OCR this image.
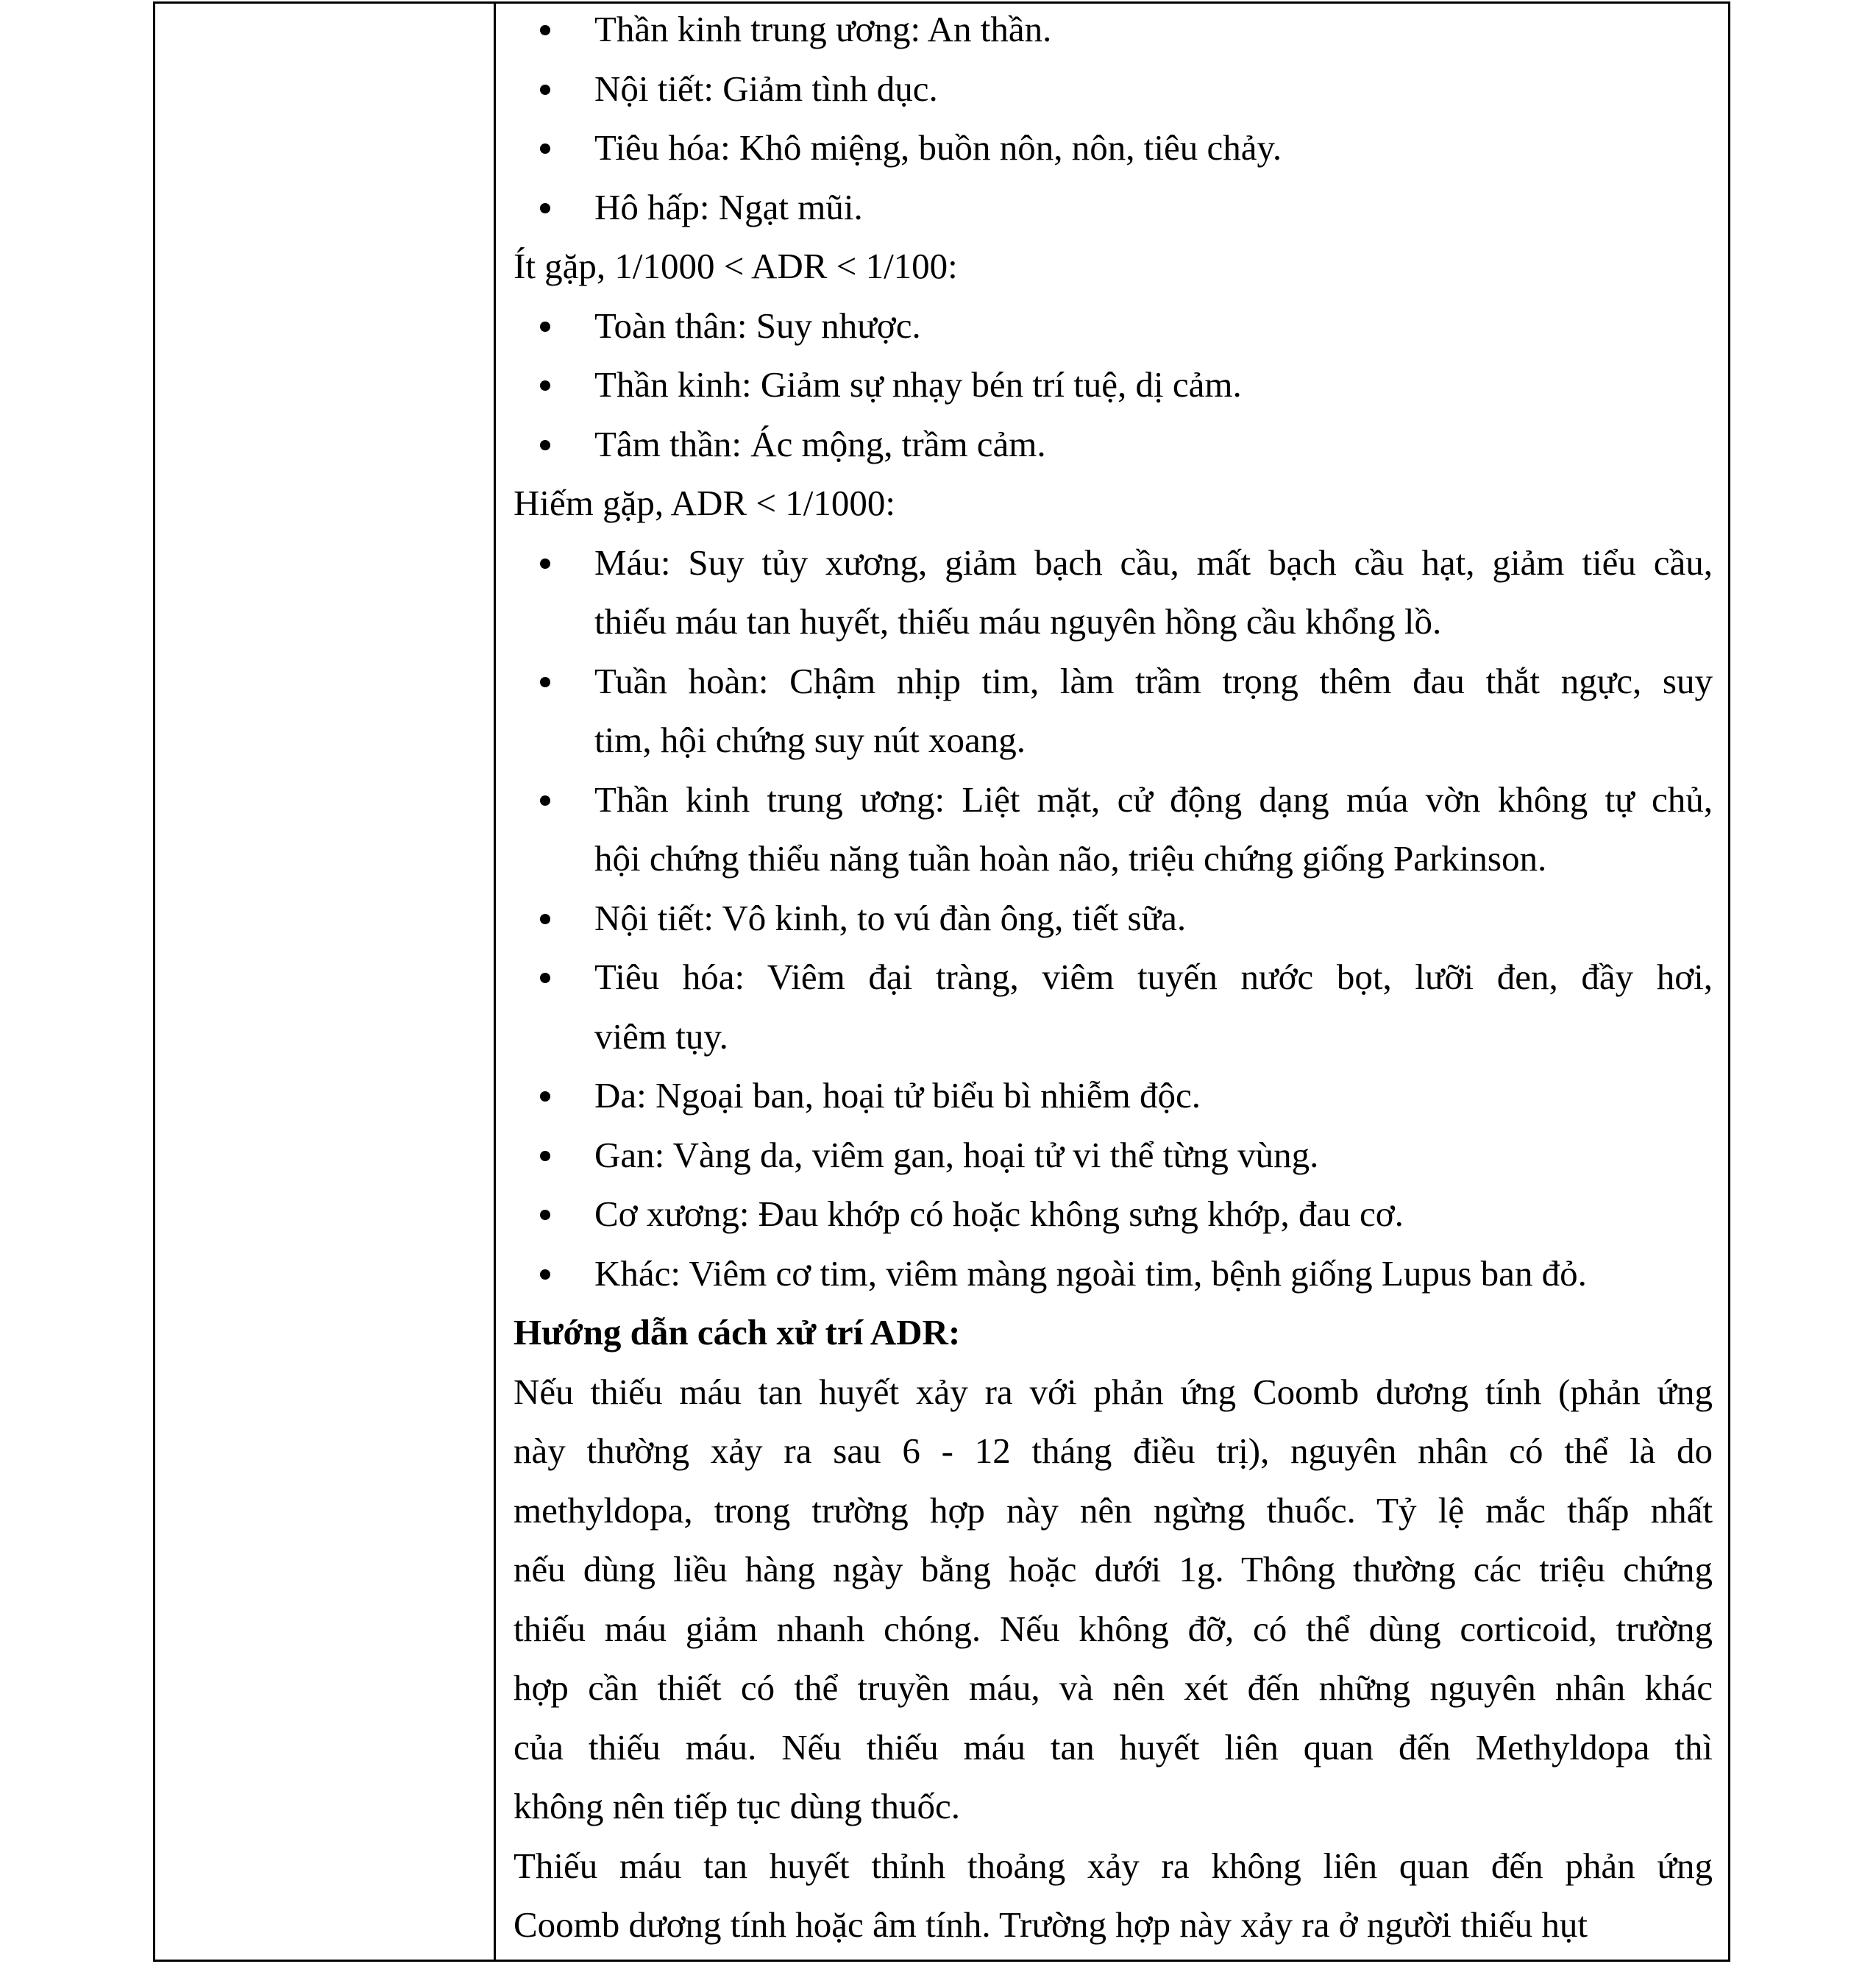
Thần kinh trung ương: An thần.
Nội tiết: Giảm tình dục.
Tiêu hóa: Khô miệng, buồn nôn, nôn, tiêu chảy.
Hô hấp: Ngạt mũi.
Ít gặp, 1/1000 < ADR < 1/100:
Toàn thân: Suy nhược.
Thần kinh: Giảm sự nhạy bén trí tuệ, dị cảm.
Tâm thần: Ác mộng, trầm cảm.
Hiếm gặp, ADR < 1/1000:
Máu: Suy tủy xương, giảm bạch cầu, mất bạch cầu hạt, giảm tiểu cầu,
thiếu máu tan huyết, thiếu máu nguyên hồng cầu khổng lồ.
Tuần hoàn: Chậm nhịp tim, làm trầm trọng thêm đau thắt ngực, suy
tim, hội chứng suy nút xoang.
Thần kinh trung ương: Liệt mặt, cử động dạng múa vờn không tự chủ,
hội chứng thiểu năng tuần hoàn não, triệu chứng giống Parkinson.
Nội tiết: Vô kinh, to vú đàn ông, tiết sữa.
Tiêu hóa: Viêm đại tràng, viêm tuyến nước bọt, lưỡi đen, đầy hơi,
viêm tụy.
Da: Ngoại ban, hoại tử biểu bì nhiễm độc.
Gan: Vàng da, viêm gan, hoại tử vi thể từng vùng.
Cơ xương: Đau khớp có hoặc không sưng khớp, đau cơ.
Khác: Viêm cơ tim, viêm màng ngoài tim, bệnh giống Lupus ban đỏ.
Hướng dẫn cách xử trí ADR:
Nếu thiếu máu tan huyết xảy ra với phản ứng Coomb dương tính (phản ứng
này thường xảy ra sau 6 - 12 tháng điều trị), nguyên nhân có thể là do
methyldopa, trong trường hợp này nên ngừng thuốc. Tỷ lệ mắc thấp nhất
nếu dùng liều hàng ngày bằng hoặc dưới 1g. Thông thường các triệu chứng
thiếu máu giảm nhanh chóng. Nếu không đỡ, có thể dùng corticoid, trường
hợp cần thiết có thể truyền máu, và nên xét đến những nguyên nhân khác
của thiếu máu. Nếu thiếu máu tan huyết liên quan đến Methyldopa thì
không nên tiếp tục dùng thuốc.
Thiếu máu tan huyết thỉnh thoảng xảy ra không liên quan đến phản ứng
Coomb dương tính hoặc âm tính. Trường hợp này xảy ra ở người thiếu hụt
